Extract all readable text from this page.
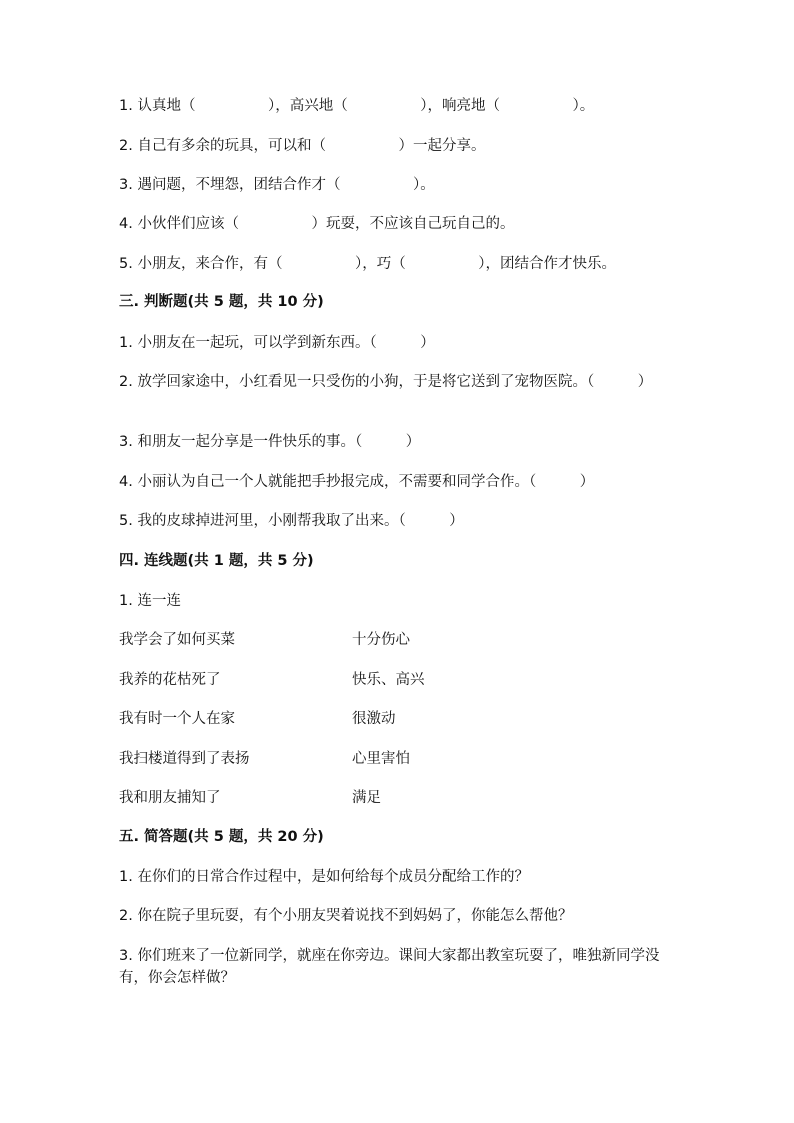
1. 认真地（　　　　　），高兴地（　　　　　），响亮地（　　　　　）。
2. 自己有多余的玩具，可以和（　　　　　）一起分享。
3. 遇问题，不埋怨，团结合作才（　　　　　）。
4. 小伙伴们应该（　　　　　）玩耍，不应该自己玩自己的。
5. 小朋友，来合作，有（　　　　　），巧（　　　　　），团结合作才快乐。
三. 判断题(共 5 题，共 10 分)
1. 小朋友在一起玩，可以学到新东西。（　　　）
2. 放学回家途中，小红看见一只受伤的小狗，于是将它送到了宠物医院。（　　　）
3. 和朋友一起分享是一件快乐的事。（　　　）
4. 小丽认为自己一个人就能把手抄报完成，不需要和同学合作。（　　　）
5. 我的皮球掉进河里，小刚帮我取了出来。（　　　）
四. 连线题(共 1 题，共 5 分)
1. 连一连
我学会了如何买菜	十分伤心
我养的花枯死了	快乐、高兴
我有时一个人在家	很激动
我扫楼道得到了表扬	心里害怕
我和朋友捕知了	满足
五. 简答题(共 5 题，共 20 分)
1. 在你们的日常合作过程中，是如何给每个成员分配给工作的？
2. 你在院子里玩耍，有个小朋友哭着说找不到妈妈了，你能怎么帮他？
3. 你们班来了一位新同学，就座在你旁边。课间大家都出教室玩耍了，唯独新同学没有，你会怎样做？
